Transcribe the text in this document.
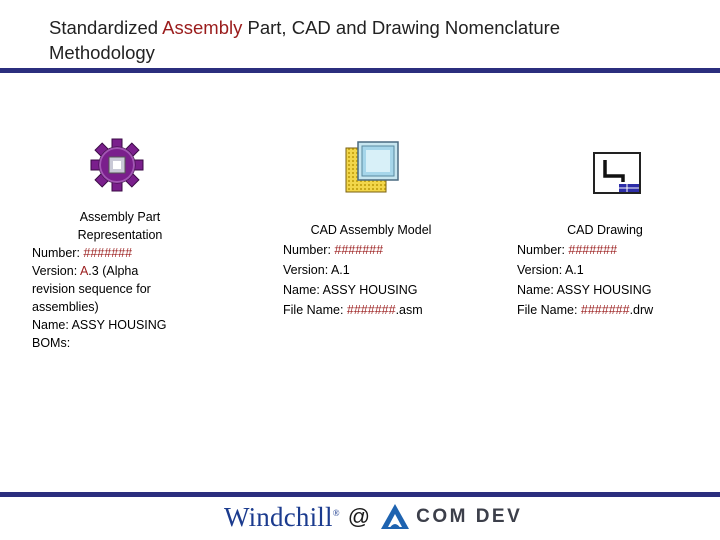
Standardized Assembly Part, CAD and Drawing Nomenclature
Methodology
Assembly Part
Representation
Number: #######
Version: A.3 (Alpha
revision sequence for
assemblies)
Name: ASSY HOUSING
BOMs:
CAD Assembly Model
Number: #######
Version: A.1
Name: ASSY HOUSING
File Name: #######.asm
CAD Drawing
Number: #######
Version: A.1
Name: ASSY HOUSING
File Name: #######.drw
Windchill® @ COM DEV
